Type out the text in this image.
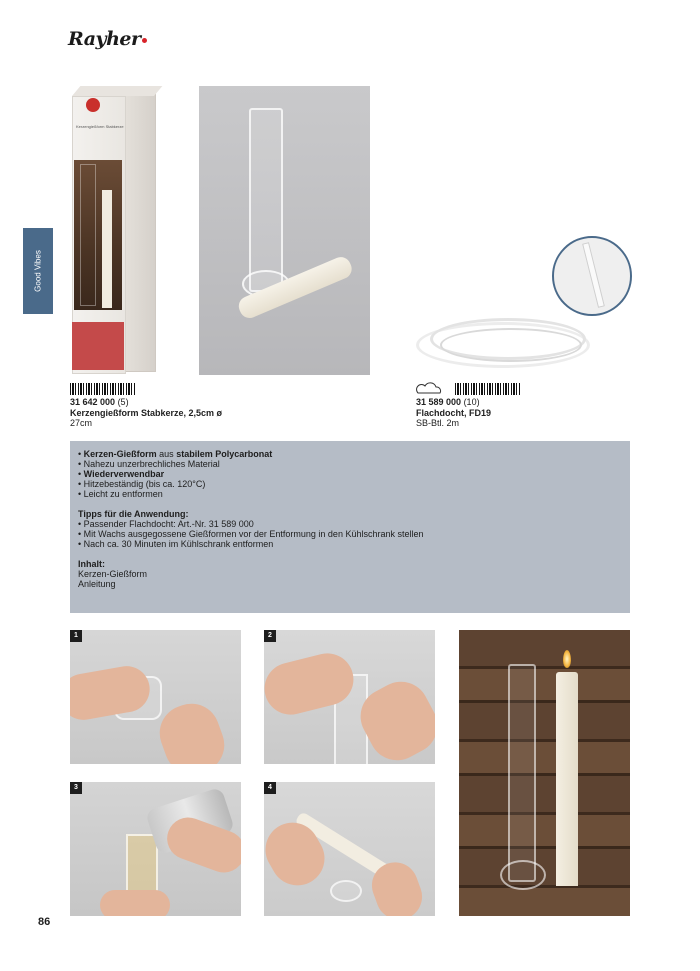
Rayher
Good Vibes
Kerzengießform Stabkerze
31 642 000 (5)
Kerzengießform Stabkerze, 2,5cm ø
27cm
31 589 000 (10)
Flachdocht, FD19
SB-Btl. 2m

• Kerzen-Gießform aus stabilem Polycarbonat

• Nahezu unzerbrechliches Material

• Wiederverwendbar

• Hitzebeständig (bis ca. 120°C)

• Leicht zu entformen

Tipps für die Anwendung:

• Passender Flachdocht: Art.-Nr. 31 589 000

• Mit Wachs ausgegossene Gießformen vor der Entformung in den Kühlschrank stellen

• Nach ca. 30 Minuten im Kühlschrank entformen

Inhalt:

Kerzen-Gießform

Anleitung

1	2
3	4
86
